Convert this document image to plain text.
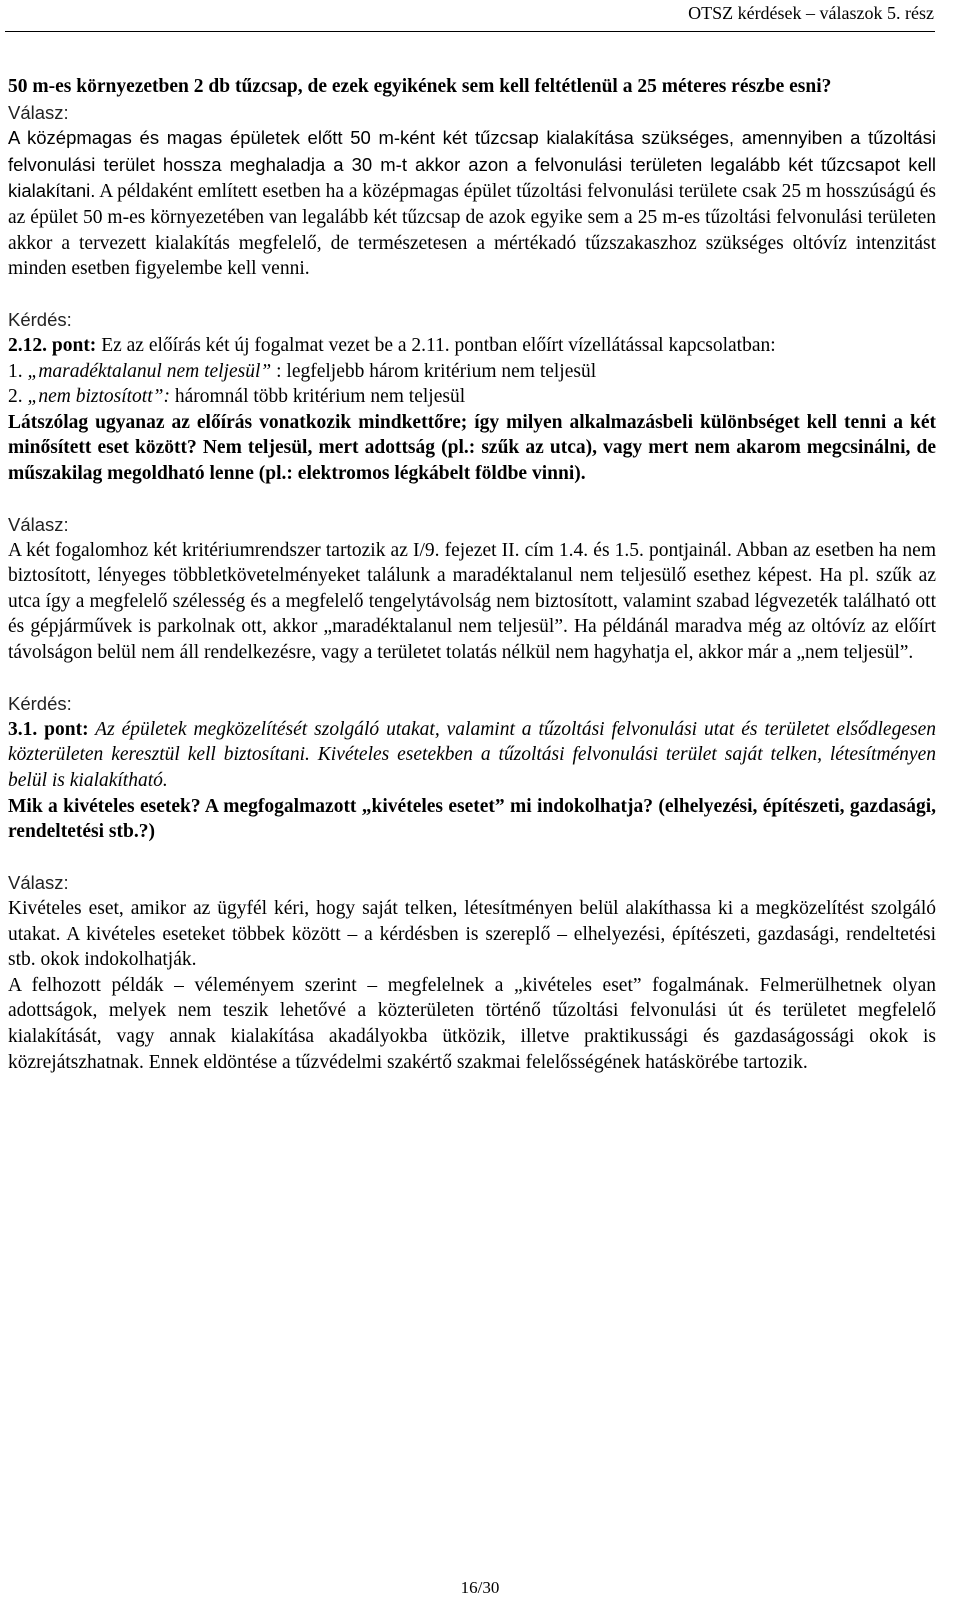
OTSZ kérdések – válaszok 5. rész

50 m-es környezetben 2 db tűzcsap, de ezek egyikének sem kell feltétlenül a 25 méteres részbe esni?

Válasz:

A középmagas és magas épületek előtt 50 m-ként két tűzcsap kialakítása szükséges, amennyiben a tűzoltási felvonulási terület hossza meghaladja a 30 m-t akkor azon a felvonulási területen legalább két tűzcsapot kell kialakítani. A példaként említett esetben ha a középmagas épület tűzoltási felvonulási területe csak 25 m hosszúságú és az épület 50 m-es környezetében van legalább két tűzcsap de azok egyike sem a 25 m-es tűzoltási felvonulási területen akkor a tervezett kialakítás megfelelő, de természetesen a mértékadó tűzszakaszhoz szükséges oltóvíz intenzitást minden esetben figyelembe kell venni.

Kérdés:

2.12. pont: Ez az előírás két új fogalmat vezet be a 2.11. pontban előírt vízellátással kapcsolatban:

1. „maradéktalanul nem teljesül” : legfeljebb három kritérium nem teljesül

2. „nem biztosított”: háromnál több kritérium nem teljesül

Látszólag ugyanaz az előírás vonatkozik mindkettőre; így milyen alkalmazásbeli különbséget kell tenni a két minősített eset között? Nem teljesül, mert adottság (pl.: szűk az utca), vagy mert nem akarom megcsinálni, de műszakilag megoldható lenne (pl.: elektromos légkábelt földbe vinni).

Válasz:

A két fogalomhoz két kritériumrendszer tartozik az I/9. fejezet II. cím 1.4. és 1.5. pontjainál. Abban az esetben ha nem biztosított, lényeges többletkövetelményeket találunk a maradéktalanul nem teljesülő esethez képest. Ha pl. szűk az utca így a megfelelő szélesség és a megfelelő tengelytávolság nem biztosított, valamint szabad légvezeték található ott és gépjárművek is parkolnak ott, akkor „maradéktalanul nem teljesül”. Ha példánál maradva még az oltóvíz az előírt távolságon belül nem áll rendelkezésre, vagy a területet tolatás nélkül nem hagyhatja el, akkor már a „nem teljesül”.

Kérdés:

3.1. pont: Az épületek megközelítését szolgáló utakat, valamint a tűzoltási felvonulási utat és területet elsődlegesen közterületen keresztül kell biztosítani. Kivételes esetekben a tűzoltási felvonulási terület saját telken, létesítményen belül is kialakítható.

Mik a kivételes esetek? A megfogalmazott „kivételes esetet” mi indokolhatja? (elhelyezési, építészeti, gazdasági, rendeltetési stb.?)

Válasz:

Kivételes eset, amikor az ügyfél kéri, hogy saját telken, létesítményen belül alakíthassa ki a megközelítést szolgáló utakat. A kivételes eseteket többek között – a kérdésben is szereplő – elhelyezési, építészeti, gazdasági, rendeltetési stb. okok indokolhatják.

A felhozott példák – véleményem szerint – megfelelnek a „kivételes eset” fogalmának. Felmerülhetnek olyan adottságok, melyek nem teszik lehetővé a közterületen történő tűzoltási felvonulási út és területet megfelelő kialakítását, vagy annak kialakítása akadályokba ütközik, illetve praktikussági és gazdaságossági okok is közrejátszhatnak. Ennek eldöntése a tűzvédelmi szakértő szakmai felelősségének hatáskörébe tartozik.

16/30
